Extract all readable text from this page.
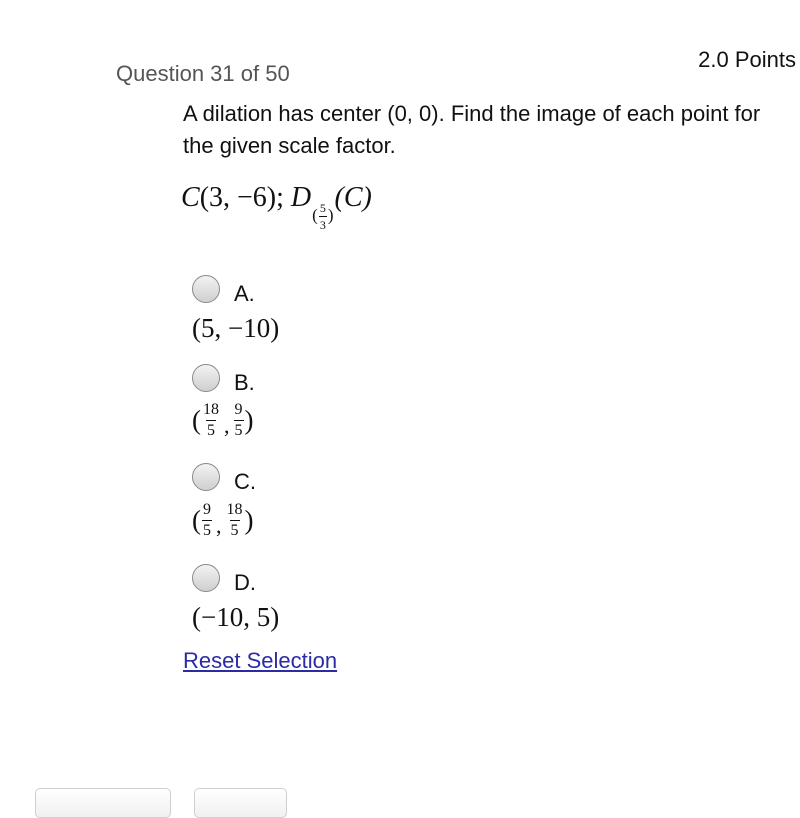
2.0 Points
Question 31 of 50
A dilation has center (0, 0). Find the image of each point for the given scale factor.
C(3, −6); $D( \frac{5}{3} )(C)$
A.
(5, −10)
B.
( $\frac{18}{5} _, \frac{9}{5}$ )
C.
( $\frac{9}{5} _, \frac{18}{5}$ )
D.
(−10, 5)
Reset Selection
